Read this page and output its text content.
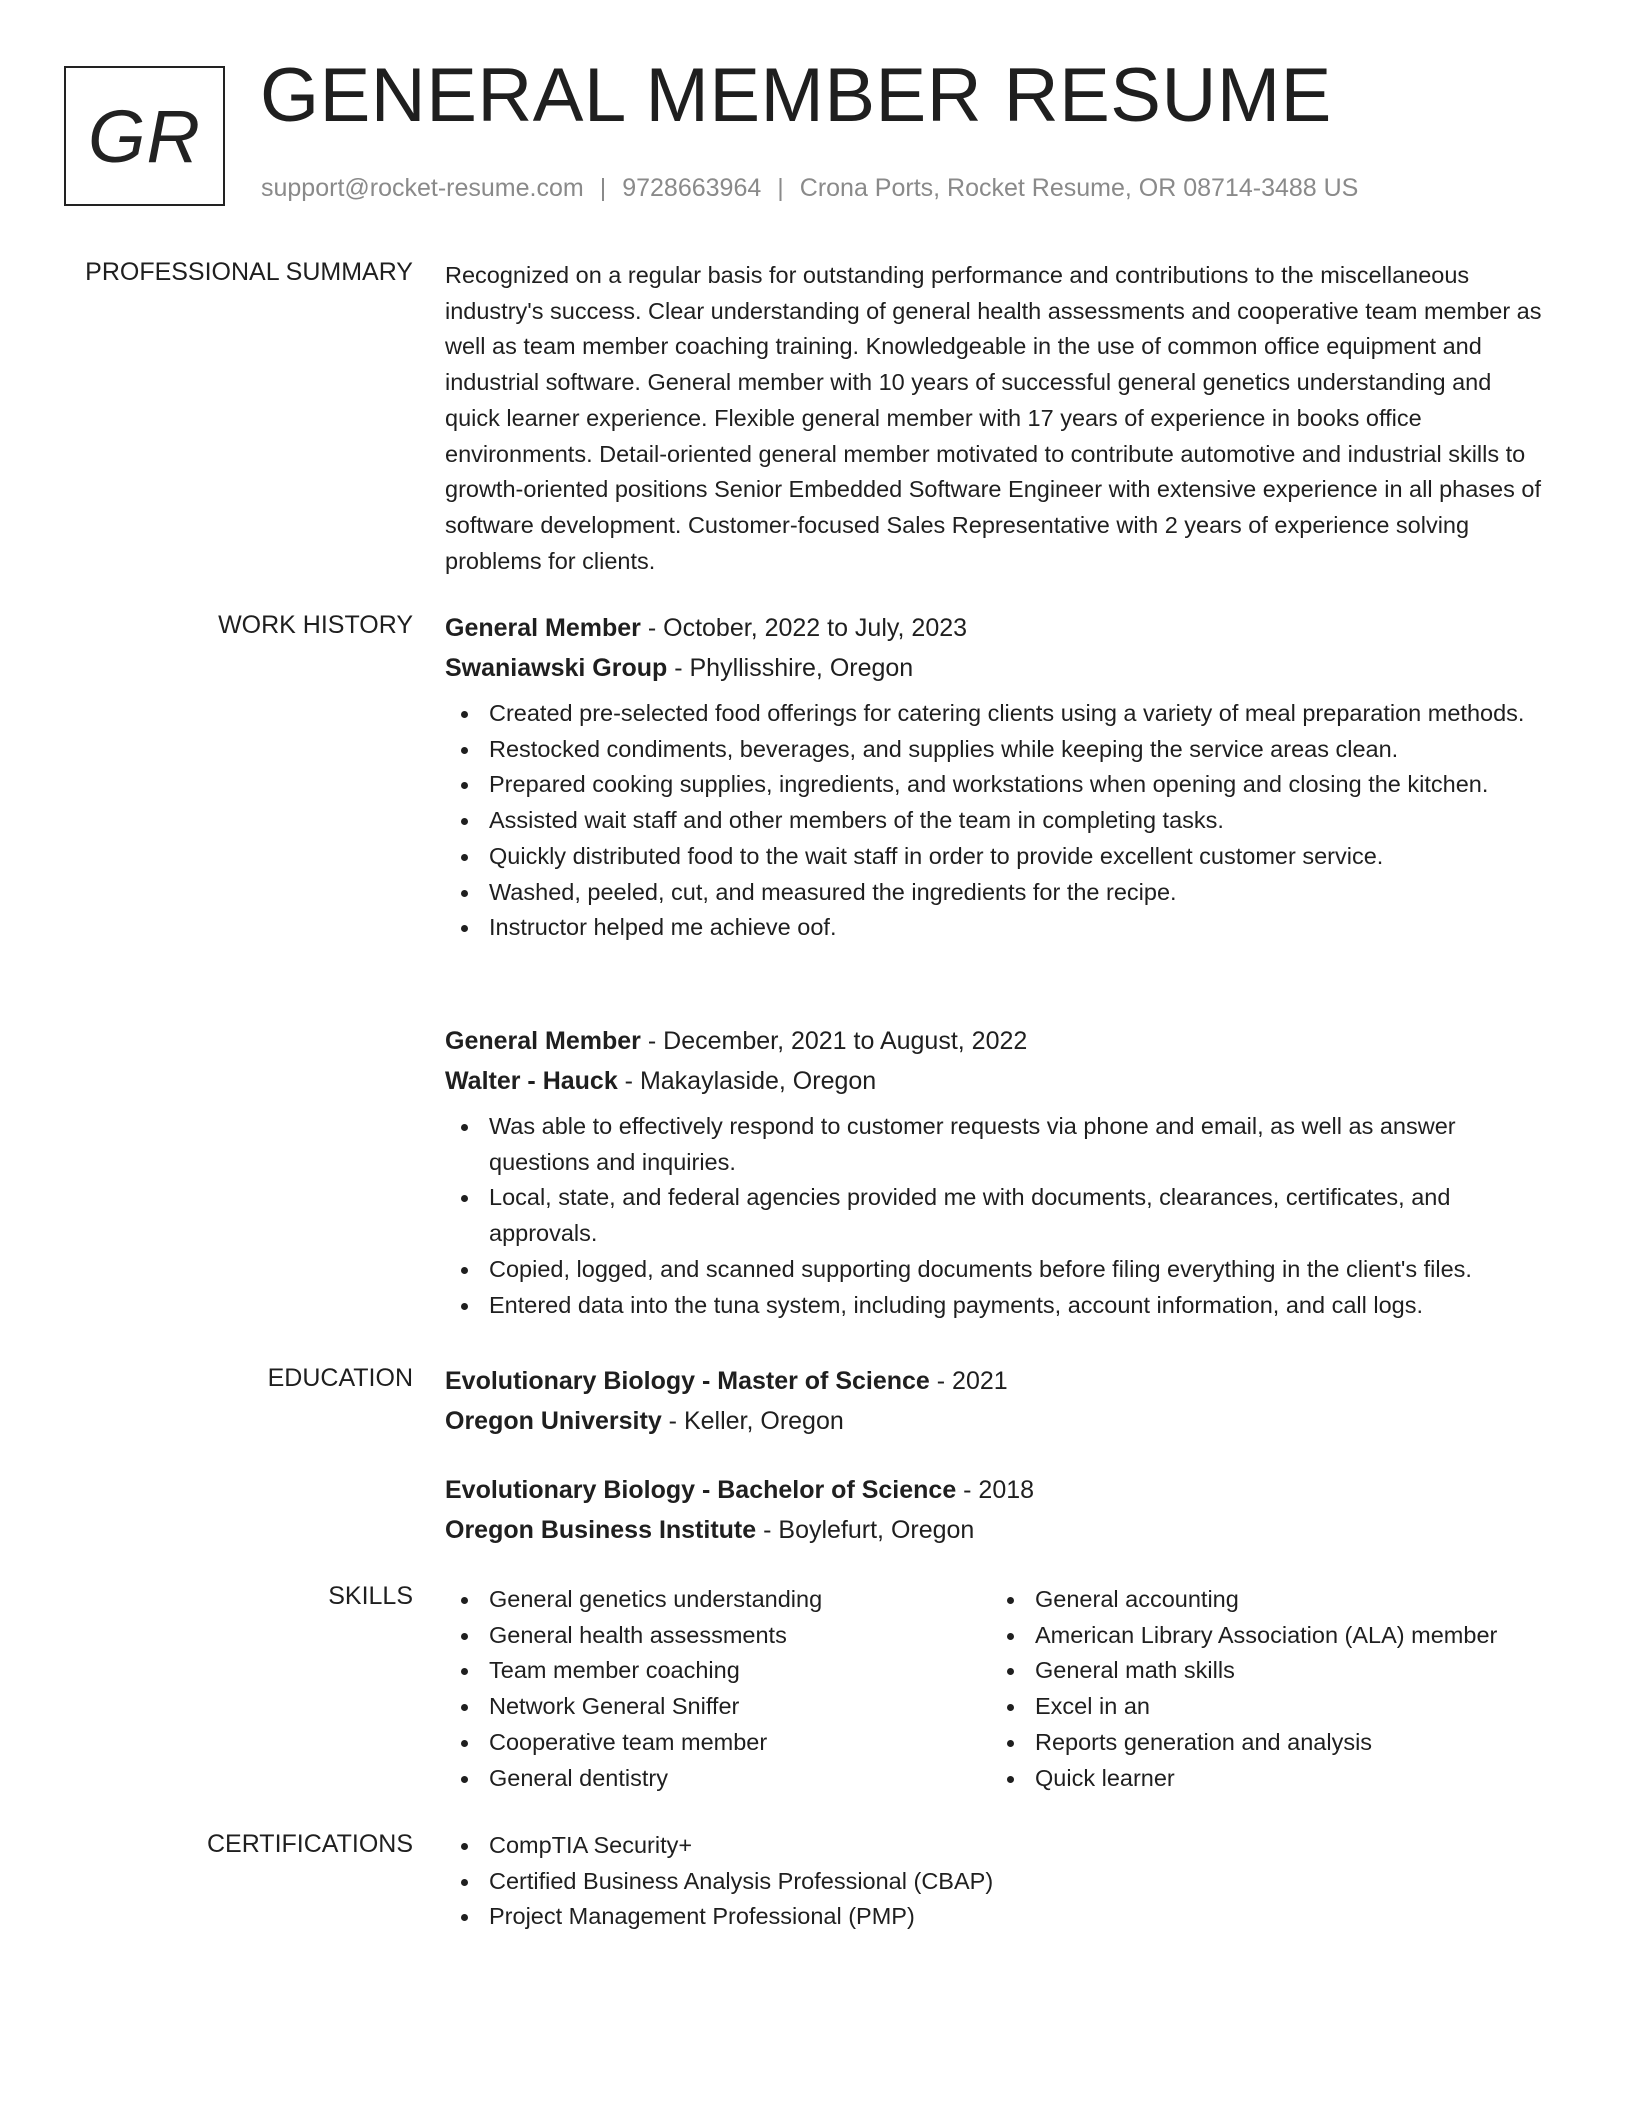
GR GENERAL MEMBER RESUME
support@rocket-resume.com | 9728663964 | Crona Ports, Rocket Resume, OR 08714-3488 US
PROFESSIONAL SUMMARY Recognized on a regular basis for outstanding performance and contributions to the miscellaneous industry's success. Clear understanding of general health assessments and cooperative team member as well as team member coaching training. Knowledgeable in the use of common office equipment and industrial software. General member with 10 years of successful general genetics understanding and quick learner experience. Flexible general member with 17 years of experience in books office environments. Detail-oriented general member motivated to contribute automotive and industrial skills to growth-oriented positions Senior Embedded Software Engineer with extensive experience in all phases of software development. Customer-focused Sales Representative with 2 years of experience solving problems for clients.

WORK HISTORY General Member - October, 2022 to July, 2023

Swaniawski Group - Phyllisshire, Oregon

Created pre-selected food offerings for catering clients using a variety of meal preparation methods.
Restocked condiments, beverages, and supplies while keeping the service areas clean.
Prepared cooking supplies, ingredients, and workstations when opening and closing the kitchen.
Assisted wait staff and other members of the team in completing tasks.
Quickly distributed food to the wait staff in order to provide excellent customer service.
Washed, peeled, cut, and measured the ingredients for the recipe.
Instructor helped me achieve oof.

General Member - December, 2021 to August, 2022

Walter - Hauck - Makaylaside, Oregon

Was able to effectively respond to customer requests via phone and email, as well as answer questions and inquiries.
Local, state, and federal agencies provided me with documents, clearances, certificates, and approvals.
Copied, logged, and scanned supporting documents before filing everything in the client's files.
Entered data into the tuna system, including payments, account information, and call logs.
EDUCATION Evolutionary Biology - Master of Science - 2021

Oregon University - Keller, Oregon

Evolutionary Biology - Bachelor of Science - 2018

Oregon Business Institute - Boylefurt, Oregon

SKILLS	General genetics understanding
General health assessments
Team member coaching
Network General Sniffer
Cooperative team member
General dentistry
General accounting
American Library Association (ALA) member
General math skills
Excel in an
Reports generation and analysis
Quick learner
CERTIFICATIONS	CompTIA Security+
Certified Business Analysis Professional (CBAP)
Project Management Professional (PMP)
